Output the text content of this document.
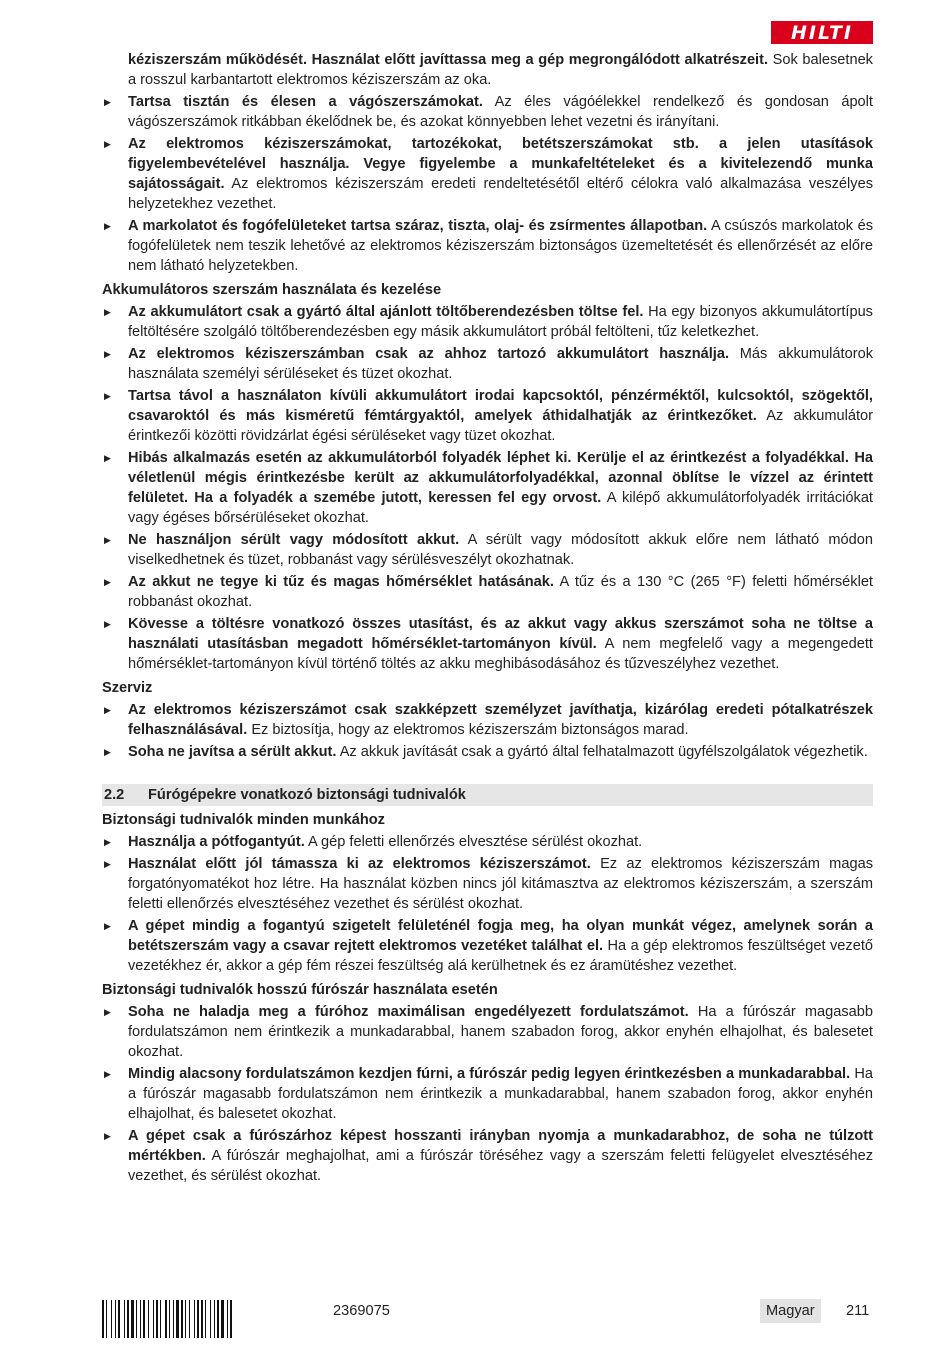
HILTI
kéziszerszám működését. Használat előtt javíttassa meg a gép megrongálódott alkatrészeit. Sok balesetnek a rosszul karbantartott elektromos kéziszerszám az oka.
▶ Tartsa tisztán és élesen a vágószerszámokat. Az éles vágóélekkel rendelkező és gondosan ápolt vágószerszámok ritkábban ékelődnek be, és azokat könnyebben lehet vezetni és irányítani.
▶ Az elektromos kéziszerszámokat, tartozékokat, betétszerszámokat stb. a jelen utasítások figyelembevételével használja. Vegye figyelembe a munkafeltételeket és a kivitelezendő munka sajátosságait. Az elektromos kéziszerszám eredeti rendeltetésétől eltérő célokra való alkalmazása veszélyes helyzetekhez vezethet.
▶ A markolatot és fogófelületeket tartsa száraz, tiszta, olaj- és zsírmentes állapotban. A csúszós markolatok és fogófelületek nem teszik lehetővé az elektromos kéziszerszám biztonságos üzemeltetését és ellenőrzését az előre nem látható helyzetekben.
Akkumulátoros szerszám használata és kezelése
▶ Az akkumulátort csak a gyártó által ajánlott töltőberendezésben töltse fel. Ha egy bizonyos akkumulátortípus feltöltésére szolgáló töltőberendezésben egy másik akkumulátort próbál feltölteni, tűz keletkezhet.
▶ Az elektromos kéziszerszámban csak az ahhoz tartozó akkumulátort használja. Más akkumulátorok használata személyi sérüléseket és tüzet okozhat.
▶ Tartsa távol a használaton kívüli akkumulátort irodai kapcsoktól, pénzérméktől, kulcsoktól, szögektől, csavaroktól és más kisméretű fémtárgyaktól, amelyek áthidalhatják az érintkezőket. Az akkumulátor érintkezői közötti rövidzárlat égési sérüléseket vagy tüzet okozhat.
▶ Hibás alkalmazás esetén az akkumulátorból folyadék léphet ki. Kerülje el az érintkezést a folyadékkal. Ha véletlenül mégis érintkezésbe került az akkumulátorfolyadékkal, azonnal öblítse le vízzel az érintett felületet. Ha a folyadék a szemébe jutott, keressen fel egy orvost. A kilépő akkumulátorfolyadék irritációkat vagy égéses bőrsérüléseket okozhat.
▶ Ne használjon sérült vagy módosított akkut. A sérült vagy módosított akkuk előre nem látható módon viselkedhetnek és tüzet, robbanást vagy sérülésveszélyt okozhatnak.
▶ Az akkut ne tegye ki tűz és magas hőmérséklet hatásának. A tűz és a 130 °C (265 °F) feletti hőmérséklet robbanást okozhat.
▶ Kövesse a töltésre vonatkozó összes utasítást, és az akkut vagy akkus szerszámot soha ne töltse a használati utasításban megadott hőmérséklet-tartományon kívül. A nem megfelelő vagy a megengedett hőmérséklet-tartományon kívül történő töltés az akku meghibásodásához és tűzveszélyhez vezethet.
Szerviz
▶ Az elektromos kéziszerszámot csak szakképzett személyzet javíthatja, kizárólag eredeti pótalkatrészek felhasználásával. Ez biztosítja, hogy az elektromos kéziszerszám biztonságos marad.
▶ Soha ne javítsa a sérült akkut. Az akkuk javítását csak a gyártó által felhatalmazott ügyfélszolgálatok végezhetik.
2.2 Fúrógépekre vonatkozó biztonsági tudnivalók
Biztonsági tudnivalók minden munkához
▶ Használja a pótfogantyút. A gép feletti ellenőrzés elvesztése sérülést okozhat.
▶ Használat előtt jól támassza ki az elektromos kéziszerszámot. Ez az elektromos kéziszerszám magas forgatónyomatékot hoz létre. Ha használat közben nincs jól kitámasztva az elektromos kéziszerszám, a szerszám feletti ellenőrzés elvesztéséhez vezethet és sérülést okozhat.
▶ A gépet mindig a fogantyú szigetelt felületénél fogja meg, ha olyan munkát végez, amelynek során a betétszerszám vagy a csavar rejtett elektromos vezetéket találhat el. Ha a gép elektromos feszültséget vezető vezetékhez ér, akkor a gép fém részei feszültség alá kerülhetnek és ez áramütéshez vezethet.
Biztonsági tudnivalók hosszú fúrószár használata esetén
▶ Soha ne haladja meg a fúróhoz maximálisan engedélyezett fordulatszámot. Ha a fúrószár magasabb fordulatszámon nem érintkezik a munkadarabbal, hanem szabadon forog, akkor enyhén elhajolhat, és balesetet okozhat.
▶ Mindig alacsony fordulatszámon kezdjen fúrni, a fúrószár pedig legyen érintkezésben a munkadarabbal. Ha a fúrószár magasabb fordulatszámon nem érintkezik a munkadarabbal, hanem szabadon forog, akkor enyhén elhajolhat, és balesetet okozhat.
▶ A gépet csak a fúrószárhoz képest hosszanti irányban nyomja a munkadarabhoz, de soha ne túlzott mértékben. A fúrószár meghajolhat, ami a fúrószár töréséhez vagy a szerszám feletti felügyelet elvesztéséhez vezethet, és sérülést okozhat.
2369075	Magyar	211
